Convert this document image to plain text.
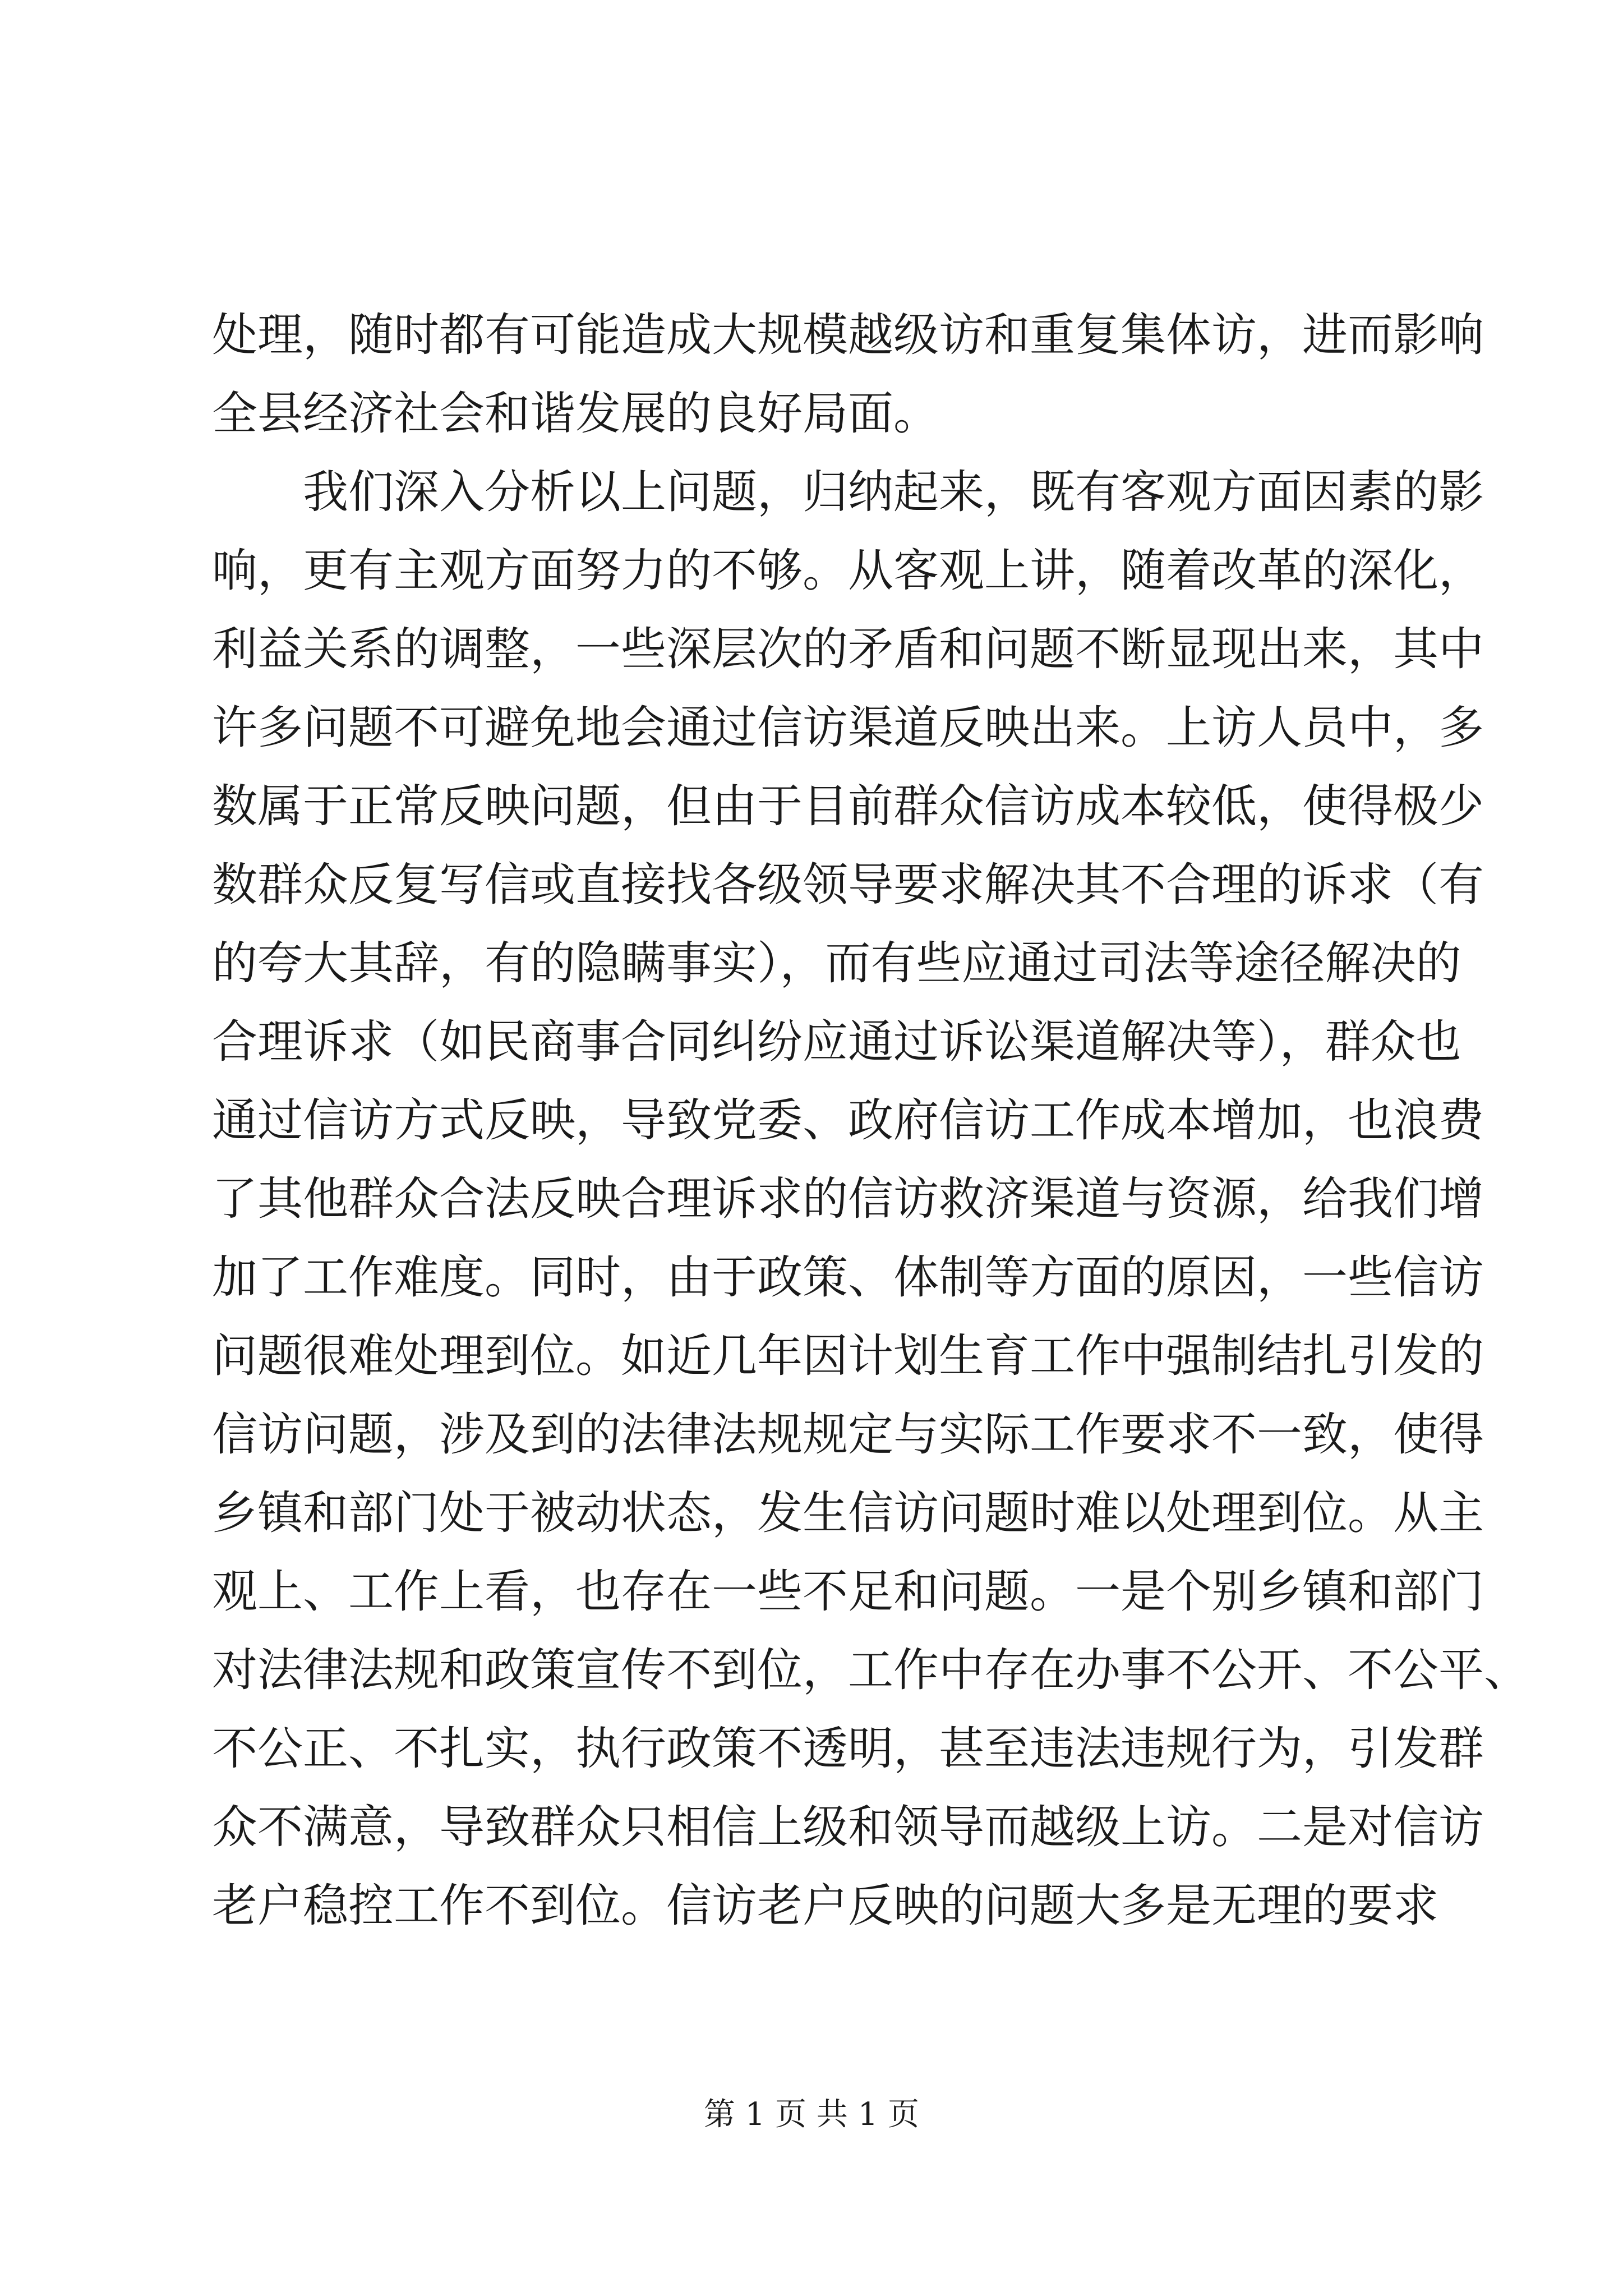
处理，随时都有可能造成大规模越级访和重复集体访，进而影响
全县经济社会和谐发展的良好局面。
我们深入分析以上问题，归纳起来，既有客观方面因素的影
响，更有主观方面努力的不够。从客观上讲，随着改革的深化，
利益关系的调整，一些深层次的矛盾和问题不断显现出来，其中
许多问题不可避免地会通过信访渠道反映出来。上访人员中，多
数属于正常反映问题，但由于目前群众信访成本较低，使得极少
数群众反复写信或直接找各级领导要求解决其不合理的诉求（有
的夸大其辞，有的隐瞒事实），而有些应通过司法等途径解决的
合理诉求（如民商事合同纠纷应通过诉讼渠道解决等），群众也
通过信访方式反映，导致党委、政府信访工作成本增加，也浪费
了其他群众合法反映合理诉求的信访救济渠道与资源，给我们增
加了工作难度。同时，由于政策、体制等方面的原因，一些信访
问题很难处理到位。如近几年因计划生育工作中强制结扎引发的
信访问题，涉及到的法律法规规定与实际工作要求不一致，使得
乡镇和部门处于被动状态，发生信访问题时难以处理到位。从主
观上、工作上看，也存在一些不足和问题。一是个别乡镇和部门
对法律法规和政策宣传不到位，工作中存在办事不公开、不公平、
不公正、不扎实，执行政策不透明，甚至违法违规行为，引发群
众不满意，导致群众只相信上级和领导而越级上访。二是对信访
老户稳控工作不到位。信访老户反映的问题大多是无理的要求
第 1 页 共 1 页
